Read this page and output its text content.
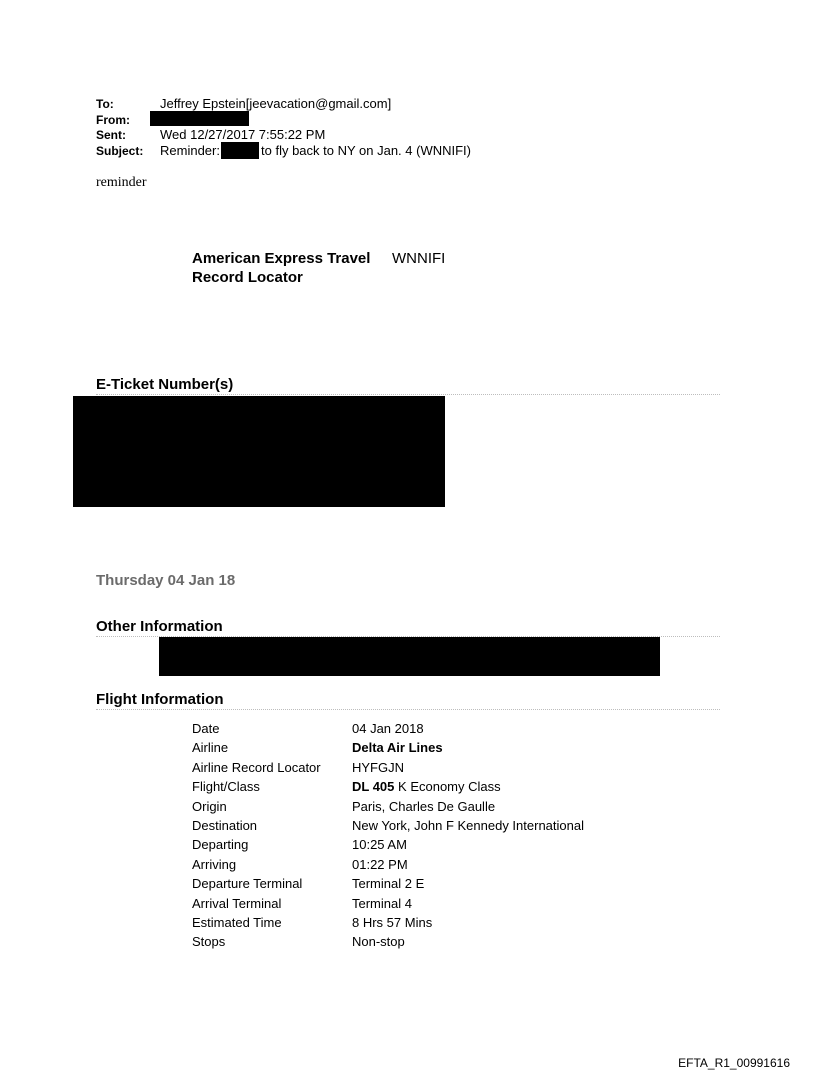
To:	Jeffrey Epstein[jeevacation@gmail.com]
From:
Sent:	Wed 12/27/2017 7:55:22 PM
Subject: Reminder:	to fly back to NY on Jan. 4 (WNNIFI)
reminder
American Express Travel
Record Locator
WNNIFI
E-Ticket Number(s)
Thursday 04 Jan 18
Other Information
Flight Information
Date	04 Jan 2018
Airline	Delta Air Lines
Airline Record Locator	HYFGJN
Flight/Class	DL 405 K Economy Class
Origin	Paris, Charles De Gaulle
Destination	New York, John F Kennedy International
Departing	10:25 AM
Arriving	01:22 PM
Departure Terminal	Terminal 2 E
Arrival Terminal	Terminal 4
Estimated Time	8 Hrs 57 Mins
Stops	Non-stop
EFTA_R1_00991616
